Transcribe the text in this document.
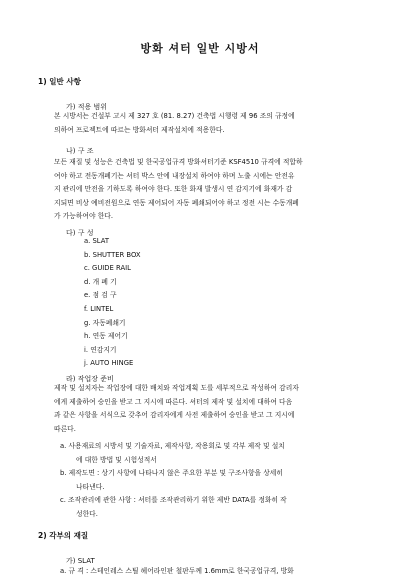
방화 셔터 일반 시방서
1) 일반 사항
가) 적용 범위
본 시방서는 건설부 고시 제 327 호 (81. 8.27) 건축법 시행령 제 96 조의 규정에
의하여 프로젝트에 따르는 방화셔터 제작설치에 적용한다.
나) 구 조
모든 재질 및 성능은 건축법 및 한국공업규격 방화셔터기준 KSF4510 규격에 적합하
여야 하고 전동개폐기는 셔터 박스 안에 내장설치 하여야 하며 노출 시에는 안전유
지 관리에 만전을 기하도록 하여야 한다. 또한 화재 발생시 연 감지기에 화재가 감
지되면 비상 예비전원으로 연동 제어되어 자동 폐쇄되어야 하고 정전 시는 수동개폐
가 가능하여야 한다.
다) 구 성
a. SLAT
b. SHUTTER BOX
c. GUIDE RAIL
d. 개 폐 기
e. 점 검 구
f. LINTEL
g. 자동폐쇄기
h. 연동 제어기
i. 연감지기
j. AUTO HINGE
라) 작업장 준비
제작 및 설치자는 작업장에 대한 배치와 작업계획 도를 세부적으로 작성하여 감리자
에게 제출하여 승인을 받고 그 지시에 따른다. 셔터의 제작 및 설치에 대하여 다음
과 같은 사항을 서식으로 갖추어 감리자에게 사전 제출하여 승인을 받고 그 지시에
따른다.
a. 사용재료의 시방서 및 기술자료, 제작사항, 작용회로 및 각부 제작 및 설치
에 대한 방법 및 시험성적서
b. 제작도면 : 상기 사항에 나타나지 않은 주요한 부분 및 구조사항을 상세히
나타낸다.
c. 조작관리에 관한 사항 : 셔터를 조작관리하기 위한 제반 DATA를 정화히 작
성한다.
2) 각부의 재질
가) SLAT
a. 규 격 : 스테인레스 스틸 헤어라인판 철판두께 1.6mm로 한국공업규격, 방화
